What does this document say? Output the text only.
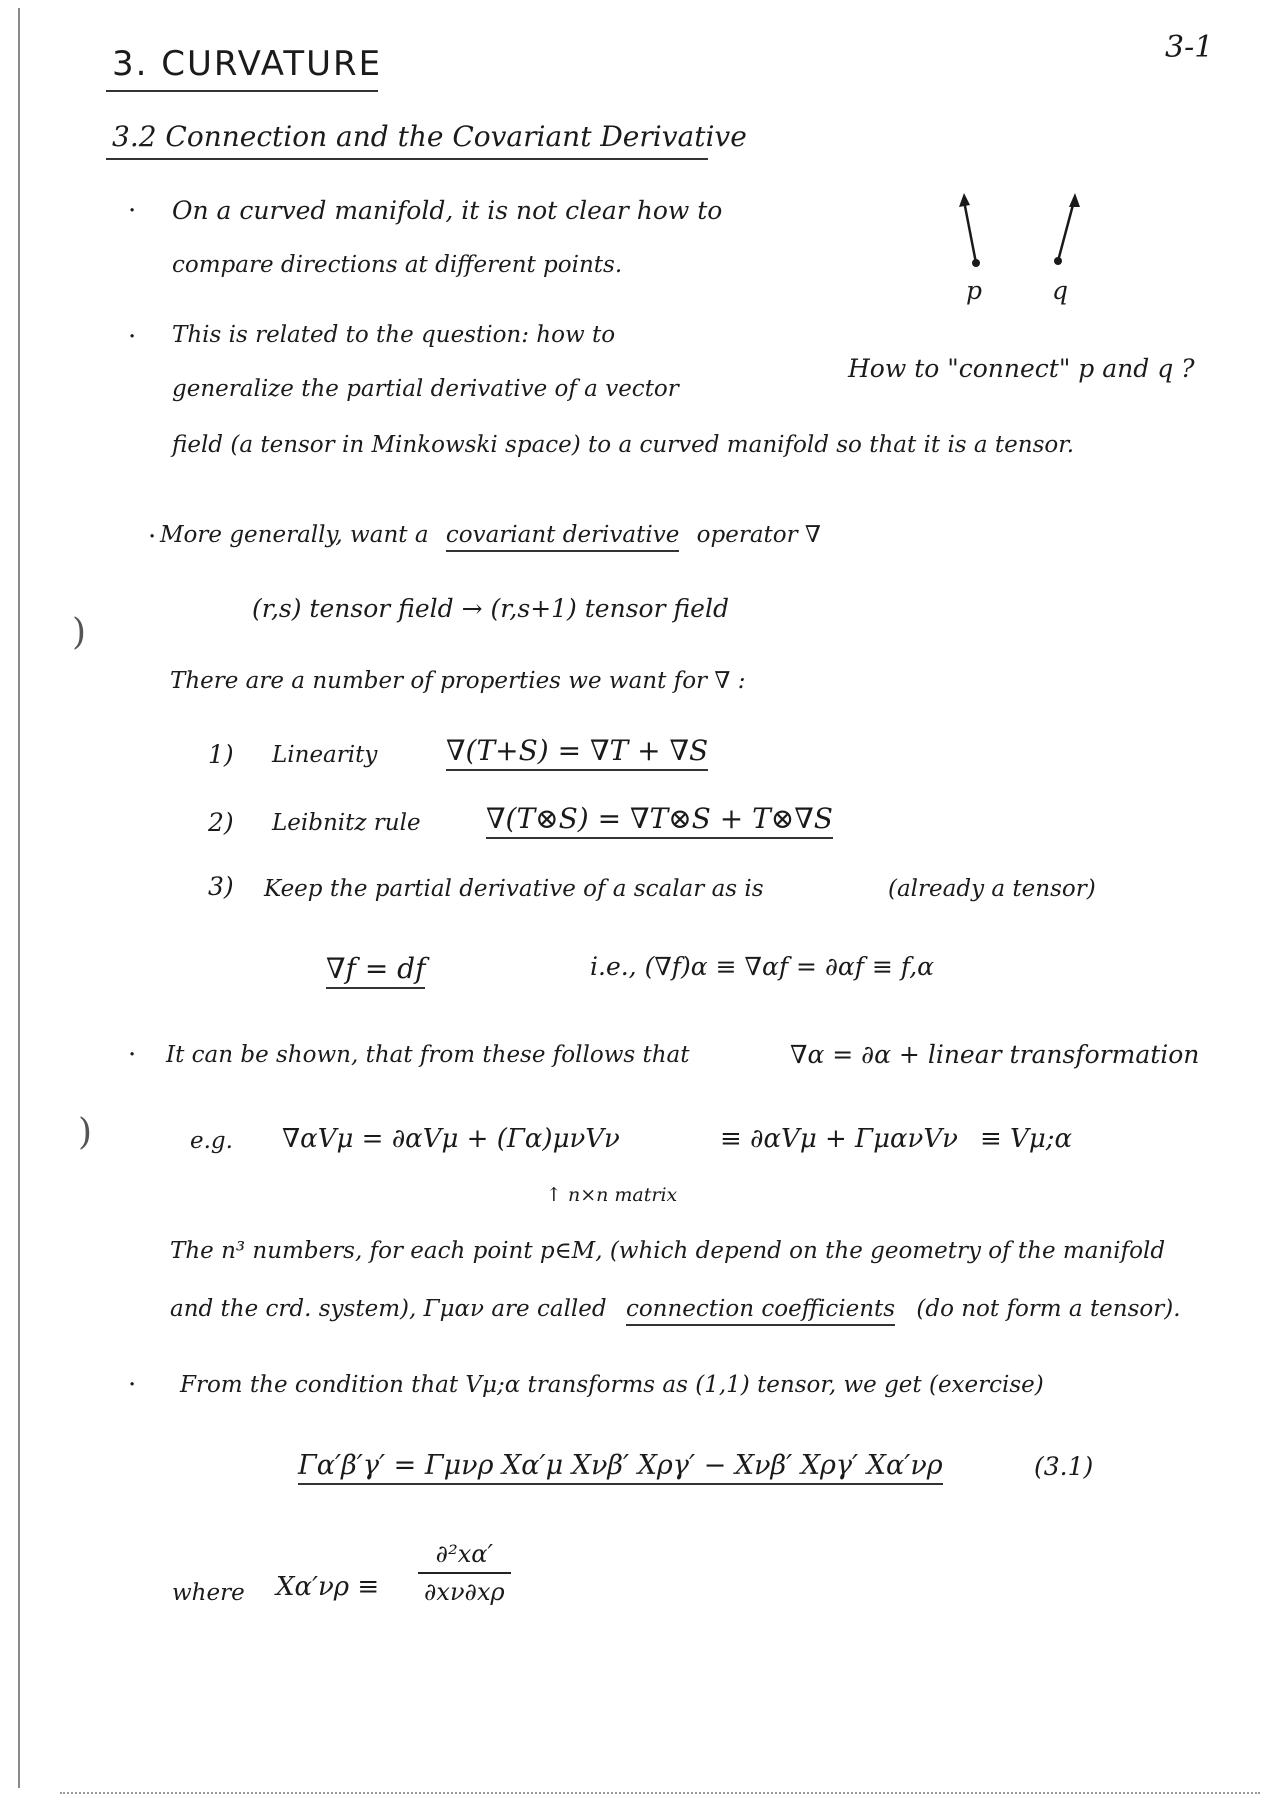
3-1
3. CURVATURE
3.2 Connection and the Covariant Derivative
· On a curved manifold, it is not clear how to
compare directions at different points.
p	q
How to "connect" p and q ?
· This is related to the question: how to
generalize the partial derivative of a vector
field (a tensor in Minkowski space) to a curved manifold so that it is a tensor.
· More generally, want a covariant derivative operator ∇
(r,s) tensor field → (r,s+1) tensor field
)
There are a number of properties we want for ∇ :
1) Linearity ∇(T+S) = ∇T + ∇S
2) Leibnitz rule ∇(T⊗S) = ∇T⊗S + T⊗∇S
3) Keep the partial derivative of a scalar as is	(already a tensor)
∇f = df	i.e., (∇f)α ≡ ∇αf = ∂αf ≡ f,α
· It can be shown, that from these follows that	∇α = ∂α + linear transformation
)	e.g. ∇αVμ = ∂αVμ + (Γα)μνVν	≡ ∂αVμ + ΓμανVν ≡ Vμ;α
↑ n×n matrix
The n³ numbers, for each point p∈M, (which depend on the geometry of the manifold
and the crd. system), Γμαν are called connection coefficients (do not form a tensor).
· From the condition that Vμ;α transforms as (1,1) tensor, we get (exercise)
Γα′β′γ′ = Γμνρ Xα′μ Xνβ′ Xργ′ − Xνβ′ Xργ′ Xα′νρ	(3.1)
where $X\alpha'\nu\rho \equiv \frac{\text{∂²xα′}}{\partial x\nu\partial x\rho}$
